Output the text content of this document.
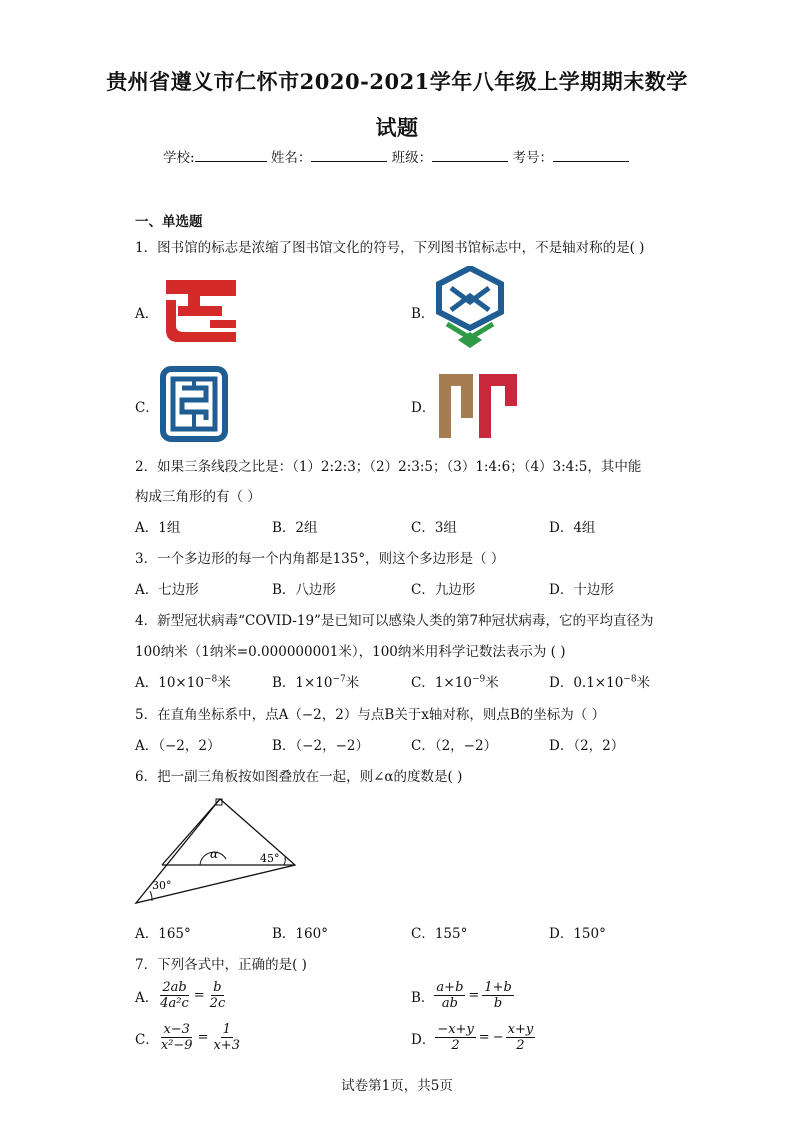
贵州省遵义市仁怀市2020-2021学年八年级上学期期末数学
试题
学校:	姓名：	班级：	考号：
一、单选题
1．图书馆的标志是浓缩了图书馆文化的符号，下列图书馆标志中，不是轴对称的是( )
A．	B．
C．	D．
2．如果三条线段之比是：（1）2:2:3；（2）2:3:5；（3）1:4:6；（4）3:4:5，其中能
构成三角形的有（ ）
A．1组	B．2组	C．3组	D．4组
3．一个多边形的每一个内角都是135°，则这个多边形是（ ）
A．七边形	B．八边形	C．九边形	D．十边形
4．新型冠状病毒“COVID-19”是已知可以感染人类的第7种冠状病毒，它的平均直径为
100纳米（1纳米=0.000000001米），100纳米用科学记数法表示为 ( )
A．$10\times 10^{-8}$米	B．$1\times 10^{-7}$米	C．$1\times 10^{-9}$米	D．$0.1\times 10^{-8}$米
5．在直角坐标系中，点A（−2，2）与点B关于x轴对称，则点B的坐标为（ ）
A．（−2，2）	B．（−2，−2）	C．（2，−2）	D．（2，2）
6．把一副三角板按如图叠放在一起，则∠α的度数是( )
α	45°
30°
A．165°	B．160°	C．155°	D．150°
7．下列各式中，正确的是( )
A． $\frac{2ab}{\text{4a²c}} = \frac{b}{2c}$	B． $\frac{a+b}{ab} = \frac{1+b}{b}$
C． $\frac{x-3}{\text{x²−9}} = \frac{1}{x+3}$	D． $\frac{-x+y}{2}$ = − $\frac{x+y}{2}$
试卷第1页，共5页
